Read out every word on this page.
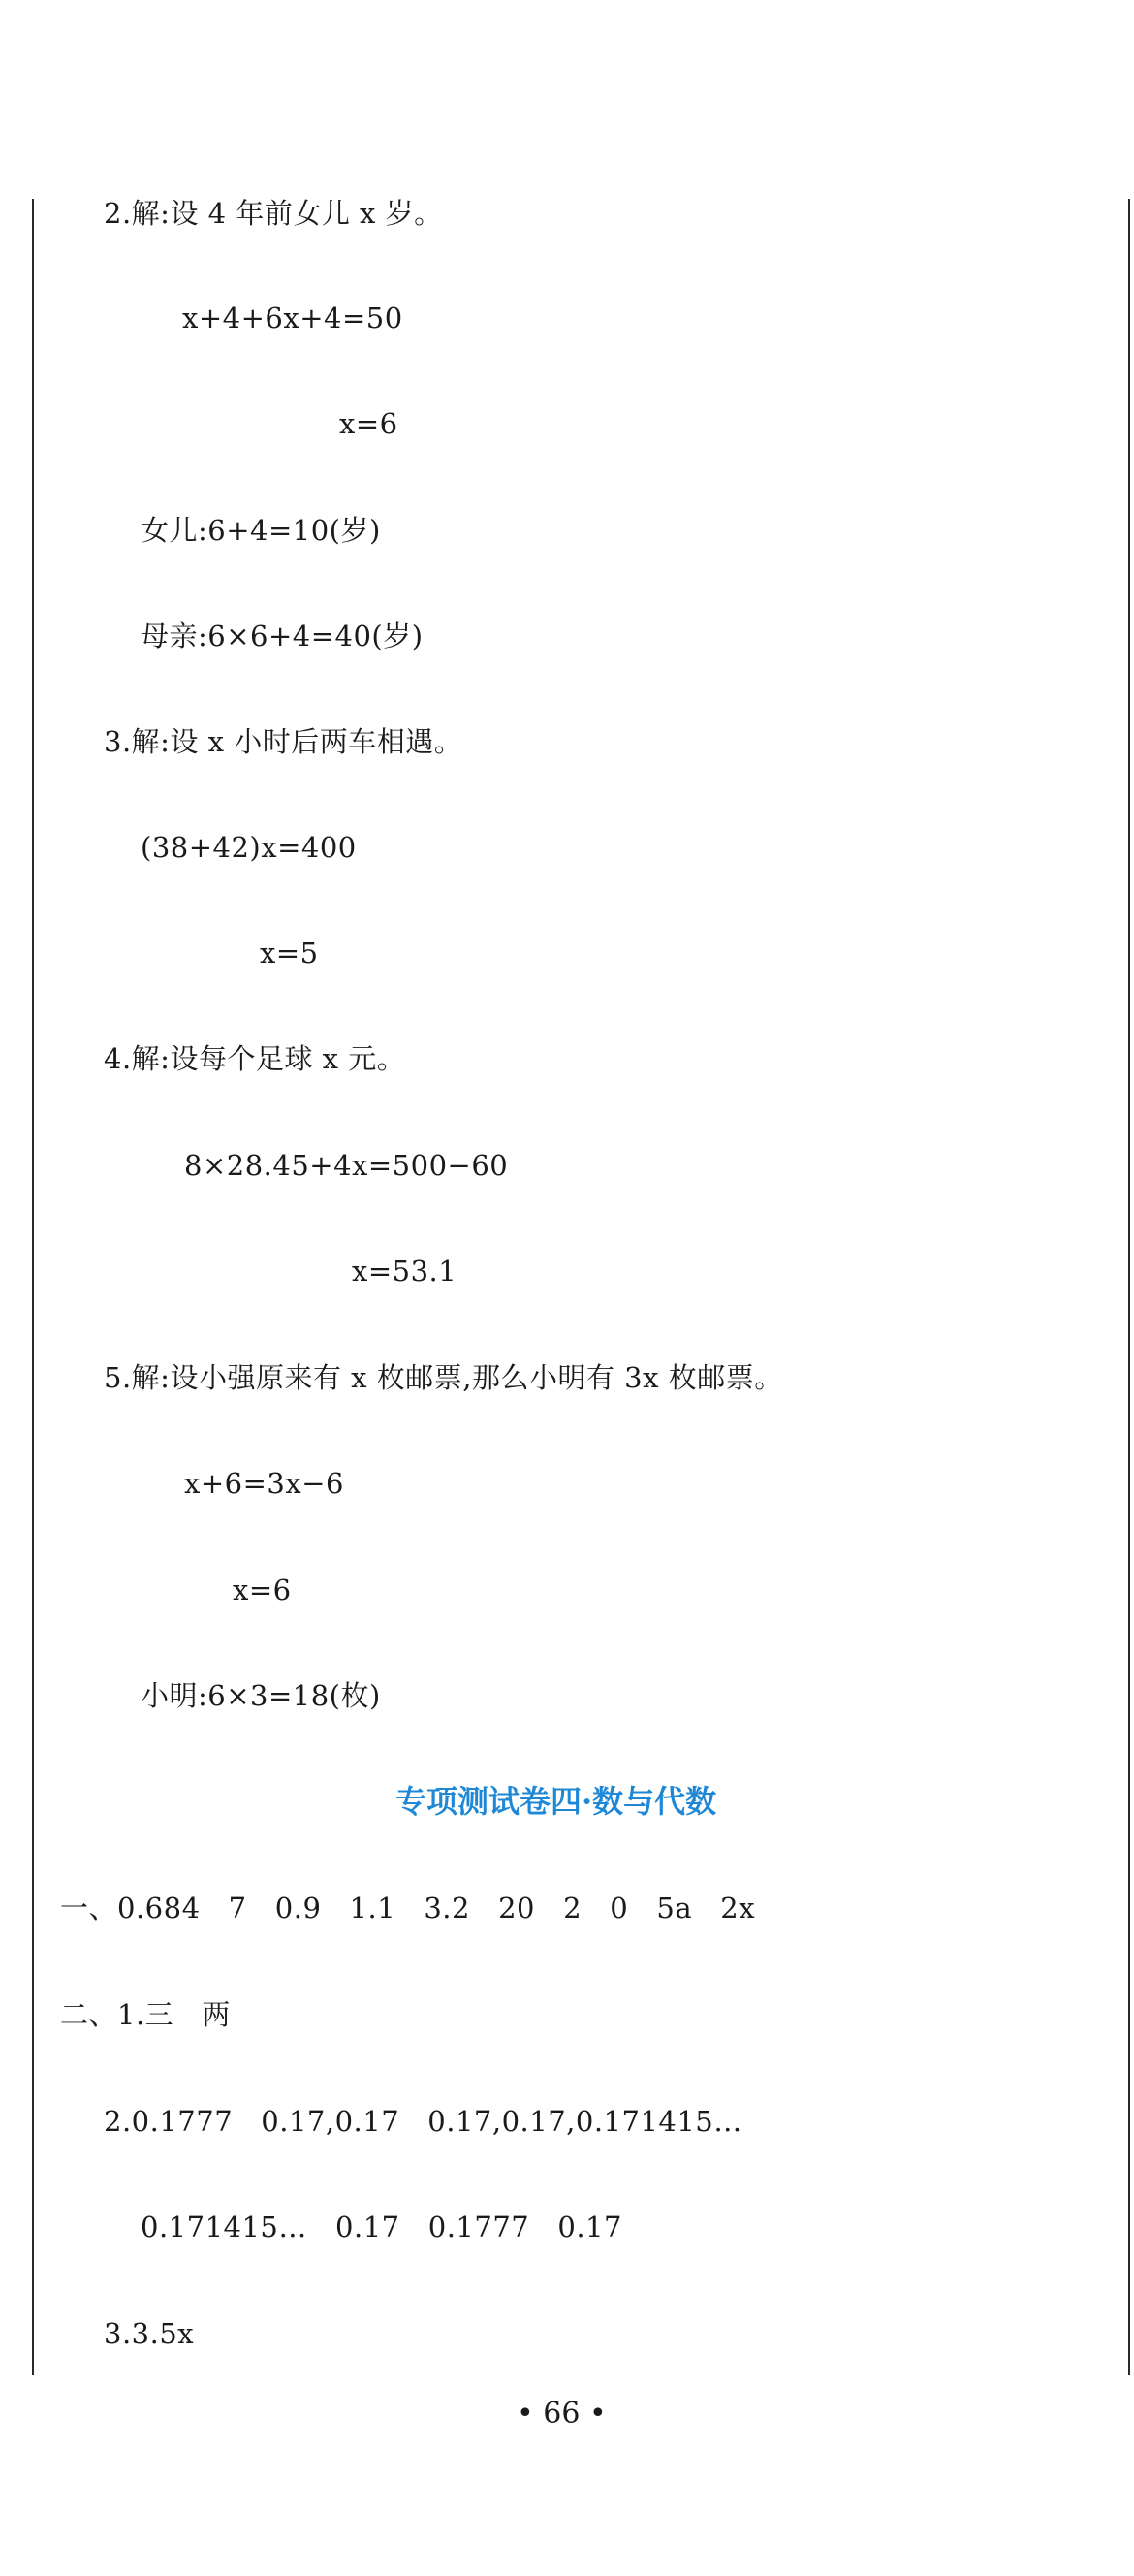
2.解:设 4 年前女儿 x 岁。
x+4+6x+4=50
x=6
女儿:6+4=10(岁)
母亲:6×6+4=40(岁)
3.解:设 x 小时后两车相遇。
(38+42)x=400
x=5
4.解:设每个足球 x 元。
8×28.45+4x=500−60
x=53.1
5.解:设小强原来有 x 枚邮票,那么小明有 3x 枚邮票。
x+6=3x−6
x=6
小明:6×3=18(枚)
专项测试卷四·数与代数
一、0.684   7   0.9   1.1   3.2   20   2   0   5a   2x
二、1.三   两
2.0.1777   0.17,0.17   0.17,0.17,0.171415…
0.171415…   0.17   0.1777   0.17
3.3.5x
• 66 •
